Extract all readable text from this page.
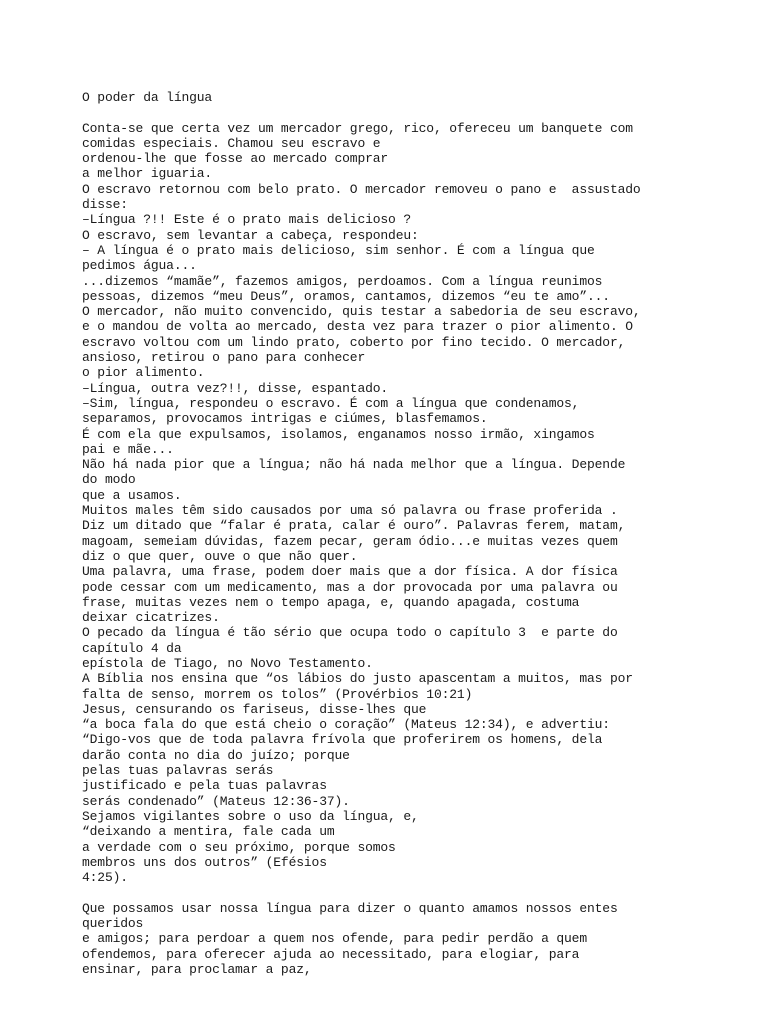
O poder da língua
Conta-se que certa vez um mercador grego, rico, ofereceu um banquete com
comidas especiais. Chamou seu escravo e
ordenou-lhe que fosse ao mercado comprar
a melhor iguaria.
O escravo retornou com belo prato. O mercador removeu o pano e  assustado
disse:
–Língua ?!! Este é o prato mais delicioso ?
O escravo, sem levantar a cabeça, respondeu:
– A língua é o prato mais delicioso, sim senhor. É com a língua que
pedimos água...
...dizemos “mamãe”, fazemos amigos, perdoamos. Com a língua reunimos
pessoas, dizemos “meu Deus”, oramos, cantamos, dizemos “eu te amo”...
O mercador, não muito convencido, quis testar a sabedoria de seu escravo,
e o mandou de volta ao mercado, desta vez para trazer o pior alimento. O
escravo voltou com um lindo prato, coberto por fino tecido. O mercador,
ansioso, retirou o pano para conhecer
o pior alimento.
–Língua, outra vez?!!, disse, espantado.
–Sim, língua, respondeu o escravo. É com a língua que condenamos,
separamos, provocamos intrigas e ciúmes, blasfemamos.
É com ela que expulsamos, isolamos, enganamos nosso irmão, xingamos
pai e mãe...
Não há nada pior que a língua; não há nada melhor que a língua. Depende
do modo
que a usamos.
Muitos males têm sido causados por uma só palavra ou frase proferida .
Diz um ditado que “falar é prata, calar é ouro”. Palavras ferem, matam,
magoam, semeiam dúvidas, fazem pecar, geram ódio...e muitas vezes quem
diz o que quer, ouve o que não quer.
Uma palavra, uma frase, podem doer mais que a dor física. A dor física
pode cessar com um medicamento, mas a dor provocada por uma palavra ou
frase, muitas vezes nem o tempo apaga, e, quando apagada, costuma
deixar cicatrizes.
O pecado da língua é tão sério que ocupa todo o capítulo 3  e parte do
capítulo 4 da
epístola de Tiago, no Novo Testamento.
A Bíblia nos ensina que “os lábios do justo apascentam a muitos, mas por
falta de senso, morrem os tolos” (Provérbios 10:21)
Jesus, censurando os fariseus, disse-lhes que
“a boca fala do que está cheio o coração” (Mateus 12:34), e advertiu:
“Digo-vos que de toda palavra frívola que proferirem os homens, dela
darão conta no dia do juízo; porque
pelas tuas palavras serás
justificado e pela tuas palavras
serás condenado” (Mateus 12:36-37).
Sejamos vigilantes sobre o uso da língua, e,
“deixando a mentira, fale cada um
a verdade com o seu próximo, porque somos
membros uns dos outros” (Efésios
4:25).
Que possamos usar nossa língua para dizer o quanto amamos nossos entes
queridos
e amigos; para perdoar a quem nos ofende, para pedir perdão a quem
ofendemos, para oferecer ajuda ao necessitado, para elogiar, para
ensinar, para proclamar a paz,
